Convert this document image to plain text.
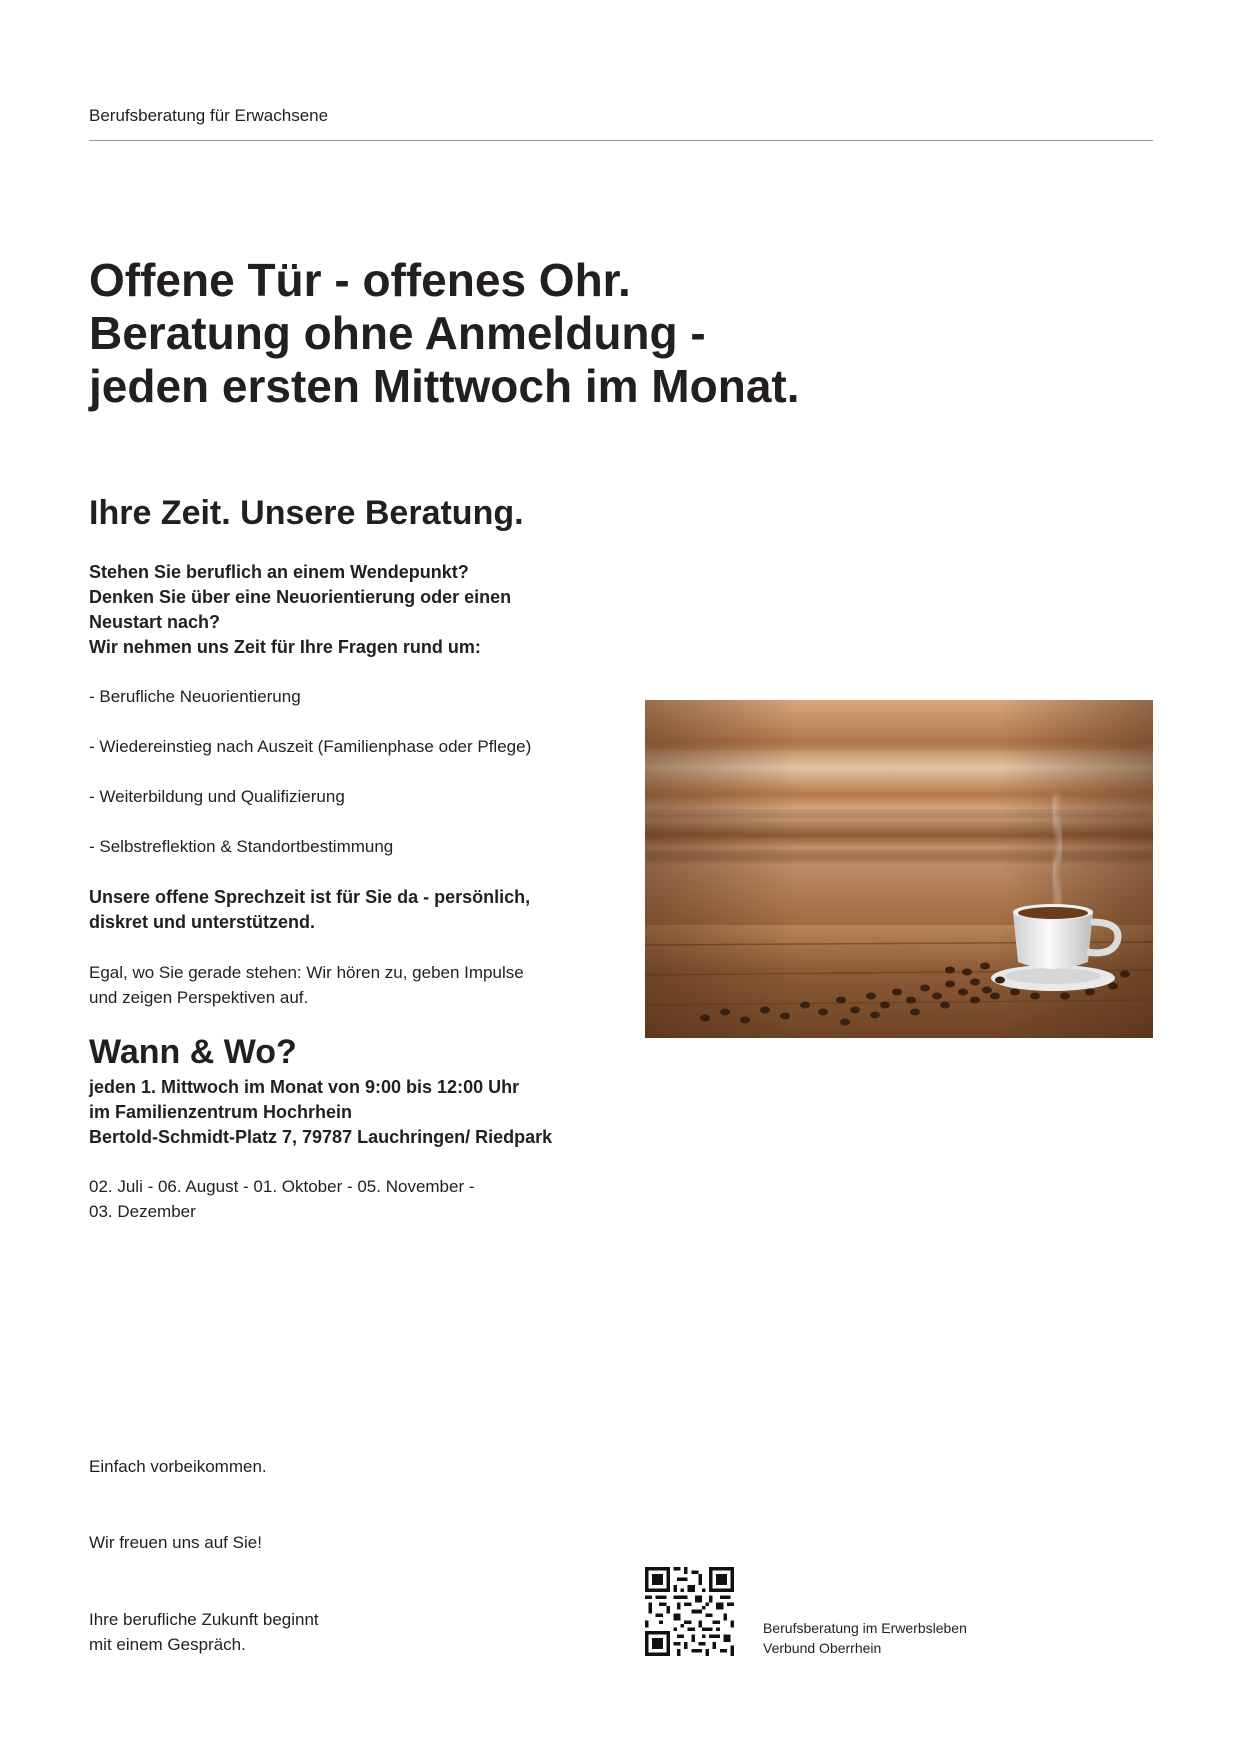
Berufsberatung für Erwachsene
Offene Tür - offenes Ohr.
Beratung ohne Anmeldung -
jeden ersten Mittwoch im Monat.
Ihre Zeit. Unsere Beratung.
Stehen Sie beruflich an einem Wendepunkt?
Denken Sie über eine Neuorientierung oder einen
Neustart nach?
Wir nehmen uns Zeit für Ihre Fragen rund um:
- Berufliche Neuorientierung
- Wiedereinstieg nach Auszeit (Familienphase oder Pflege)
- Weiterbildung und Qualifizierung
- Selbstreflektion & Standortbestimmung
Unsere offene Sprechzeit ist für Sie da - persönlich,
diskret und unterstützend.
Egal, wo Sie gerade stehen: Wir hören zu, geben Impulse
und zeigen Perspektiven auf.
Wann & Wo?
jeden 1. Mittwoch im Monat von 9:00 bis 12:00 Uhr
im Familienzentrum Hochrhein
Bertold-Schmidt-Platz 7, 79787 Lauchringen/ Riedpark
02. Juli - 06. August - 01. Oktober - 05. November -
03. Dezember
Einfach vorbeikommen.
Wir freuen uns auf Sie!
Ihre berufliche Zukunft beginnt
mit einem Gespräch.
Berufsberatung im Erwerbsleben
Verbund Oberrhein
